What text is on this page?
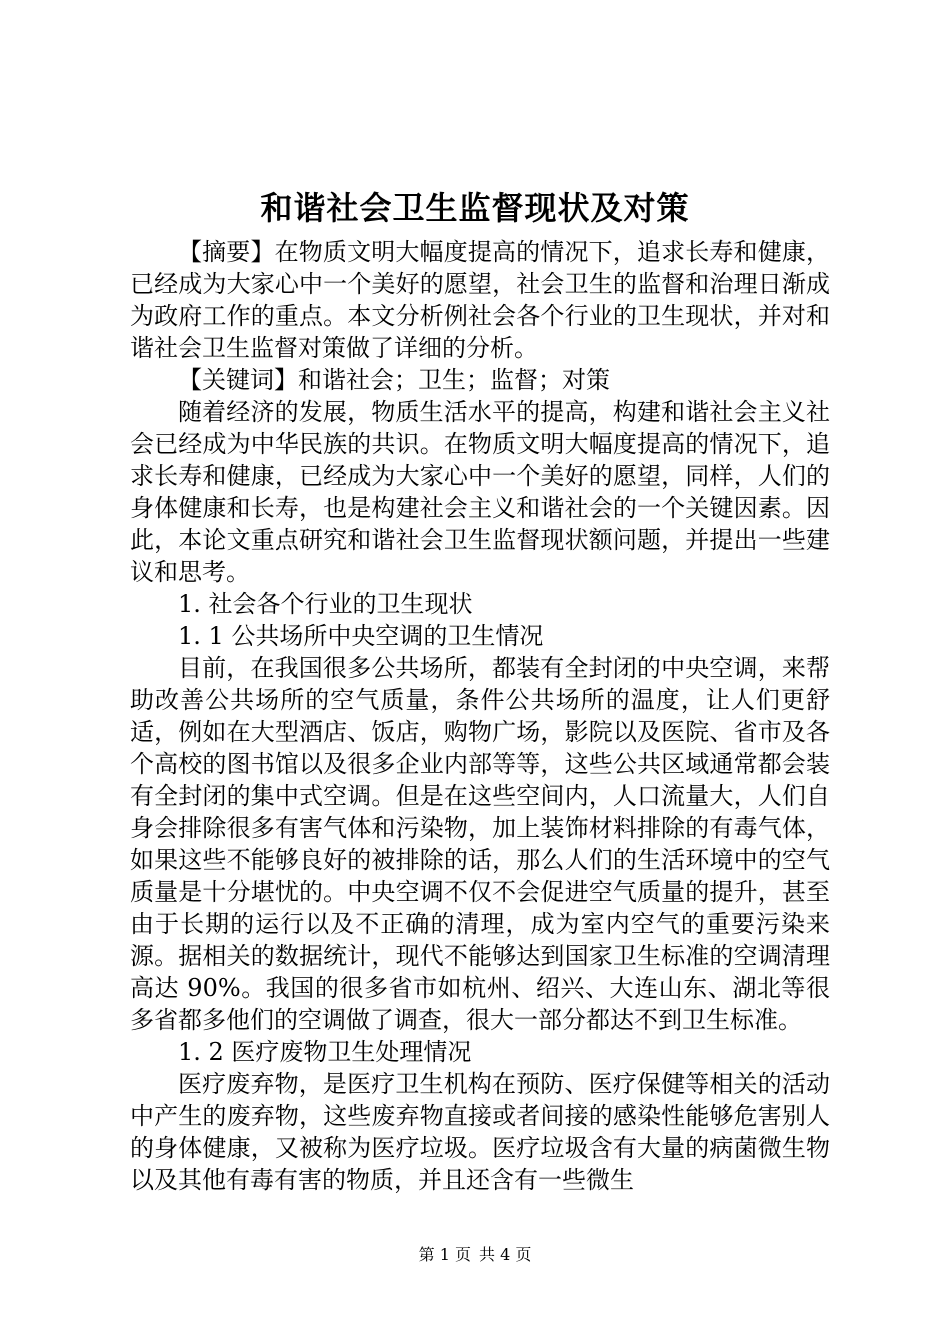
和谐社会卫生监督现状及对策

【摘要】在物质文明大幅度提高的情况下，追求长寿和健康，已经成为大家心中一个美好的愿望，社会卫生的监督和治理日渐成为政府工作的重点。本文分析例社会各个行业的卫生现状，并对和谐社会卫生监督对策做了详细的分析。

【关键词】和谐社会；卫生；监督；对策

随着经济的发展，物质生活水平的提高，构建和谐社会主义社会已经成为中华民族的共识。在物质文明大幅度提高的情况下，追求长寿和健康，已经成为大家心中一个美好的愿望，同样，人们的身体健康和长寿，也是构建社会主义和谐社会的一个关键因素。因此，本论文重点研究和谐社会卫生监督现状额问题，并提出一些建议和思考。

1. 社会各个行业的卫生现状

1. 1 公共场所中央空调的卫生情况

目前，在我国很多公共场所，都装有全封闭的中央空调，来帮助改善公共场所的空气质量，条件公共场所的温度，让人们更舒适，例如在大型酒店、饭店，购物广场，影院以及医院、省市及各个高校的图书馆以及很多企业内部等等，这些公共区域通常都会装有全封闭的集中式空调。但是在这些空间内，人口流量大，人们自身会排除很多有害气体和污染物，加上装饰材料排除的有毒气体，如果这些不能够良好的被排除的话，那么人们的生活环境中的空气质量是十分堪忧的。中央空调不仅不会促进空气质量的提升，甚至由于长期的运行以及不正确的清理，成为室内空气的重要污染来源。据相关的数据统计，现代不能够达到国家卫生标准的空调清理高达 90%。我国的很多省市如杭州、绍兴、大连山东、湖北等很多省都多他们的空调做了调查，很大一部分都达不到卫生标准。

1. 2 医疗废物卫生处理情况

医疗废弃物，是医疗卫生机构在预防、医疗保健等相关的活动中产生的废弃物，这些废弃物直接或者间接的感染性能够危害别人的身体健康，又被称为医疗垃圾。医疗垃圾含有大量的病菌微生物以及其他有毒有害的物质，并且还含有一些微生

第 1 页 共 4 页
